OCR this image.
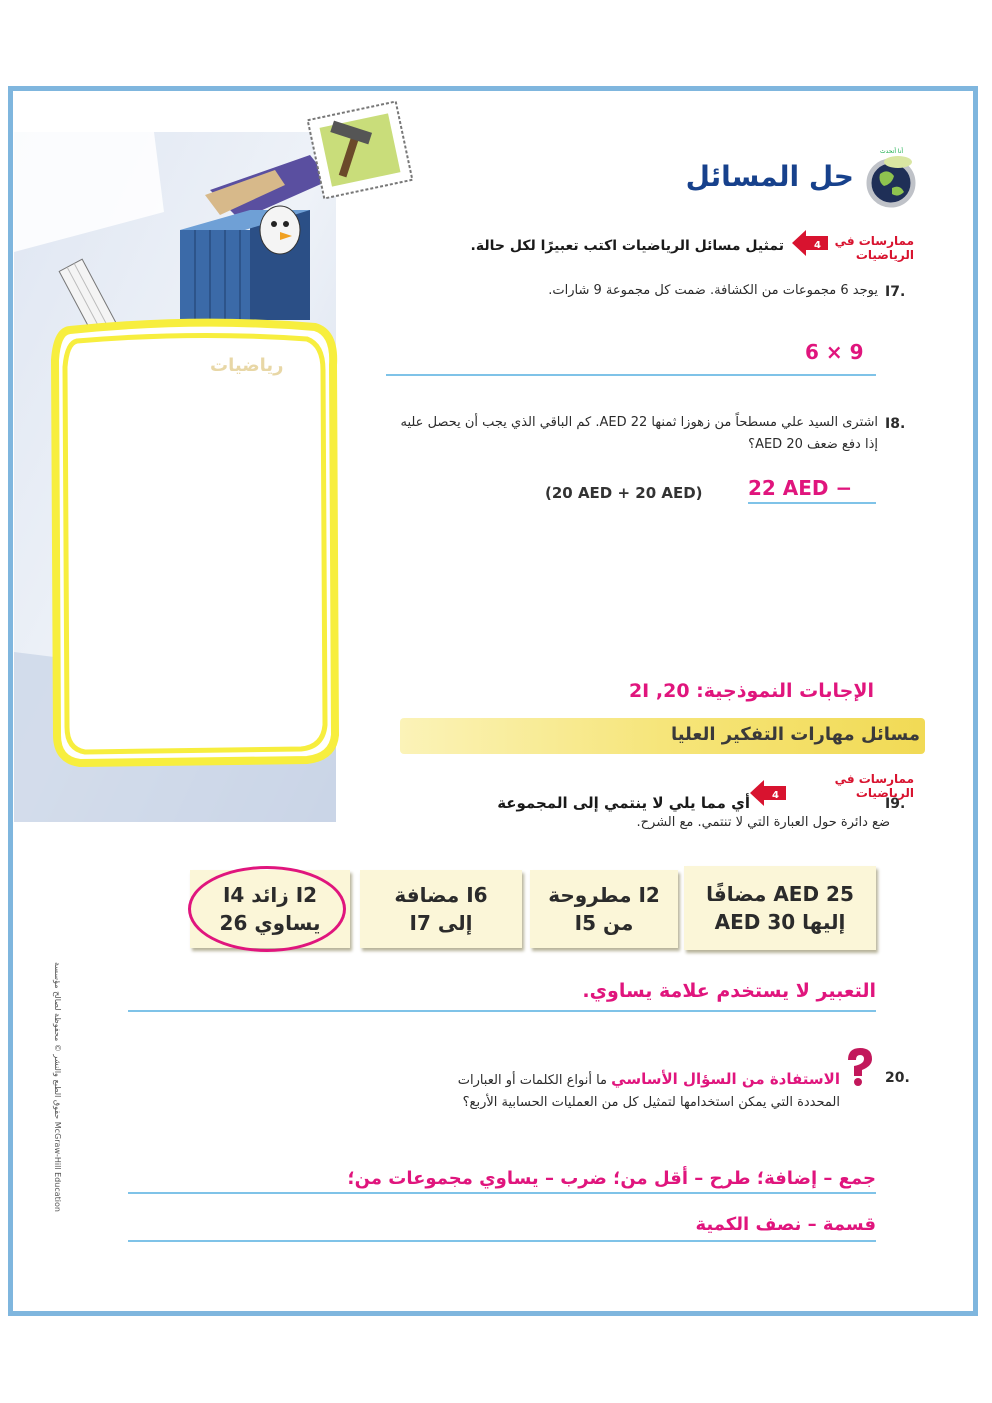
رياضيات
أنا أتحدث
حل المسائل
ممارسات في الرياضيات
4
تمثيل مسائل الرياضيات اكتب تعبيرًا لكل حالة.
I7.
يوجد 6 مجموعات من الكشافة. ضمت كل مجموعة 9 شارات.
6 × 9
I8.
اشترى السيد علي مسطحاً من زهوزا ثمنها 22 AED. كم الباقي الذي يجب أن يحصل عليه إذا دفع ضعف 20 AED؟
22 AED −
(20 AED + 20 AED)
الإجابات النموذجية: 20, 2I
مسائل مهارات التفكير العليا
ممارسات في الرياضيات
4
I9.
أي مما يلي لا ينتمي إلى المجموعة
ضع دائرة حول العبارة التي لا تنتمي. مع الشرح.
25 AED مضافًا
إليها 30 AED
I2 مطروحة
من I5
I6 مضافة
إلى I7
I2 زائد I4
يساوي 26
التعبير لا يستخدم علامة يساوي.
20.
الاستفادة من السؤال الأساسي ما أنواع الكلمات أو العبارات المحددة التي يمكن استخدامها لتمثيل كل من العمليات الحسابية الأربع؟
جمع – إضافة؛ طرح – أقل من؛ ضرب – يساوي مجموعات من؛
قسمة – نصف الكمية
حقوق الطبع والنشر © محفوظة لصالح مؤسسة McGraw-Hill Education
